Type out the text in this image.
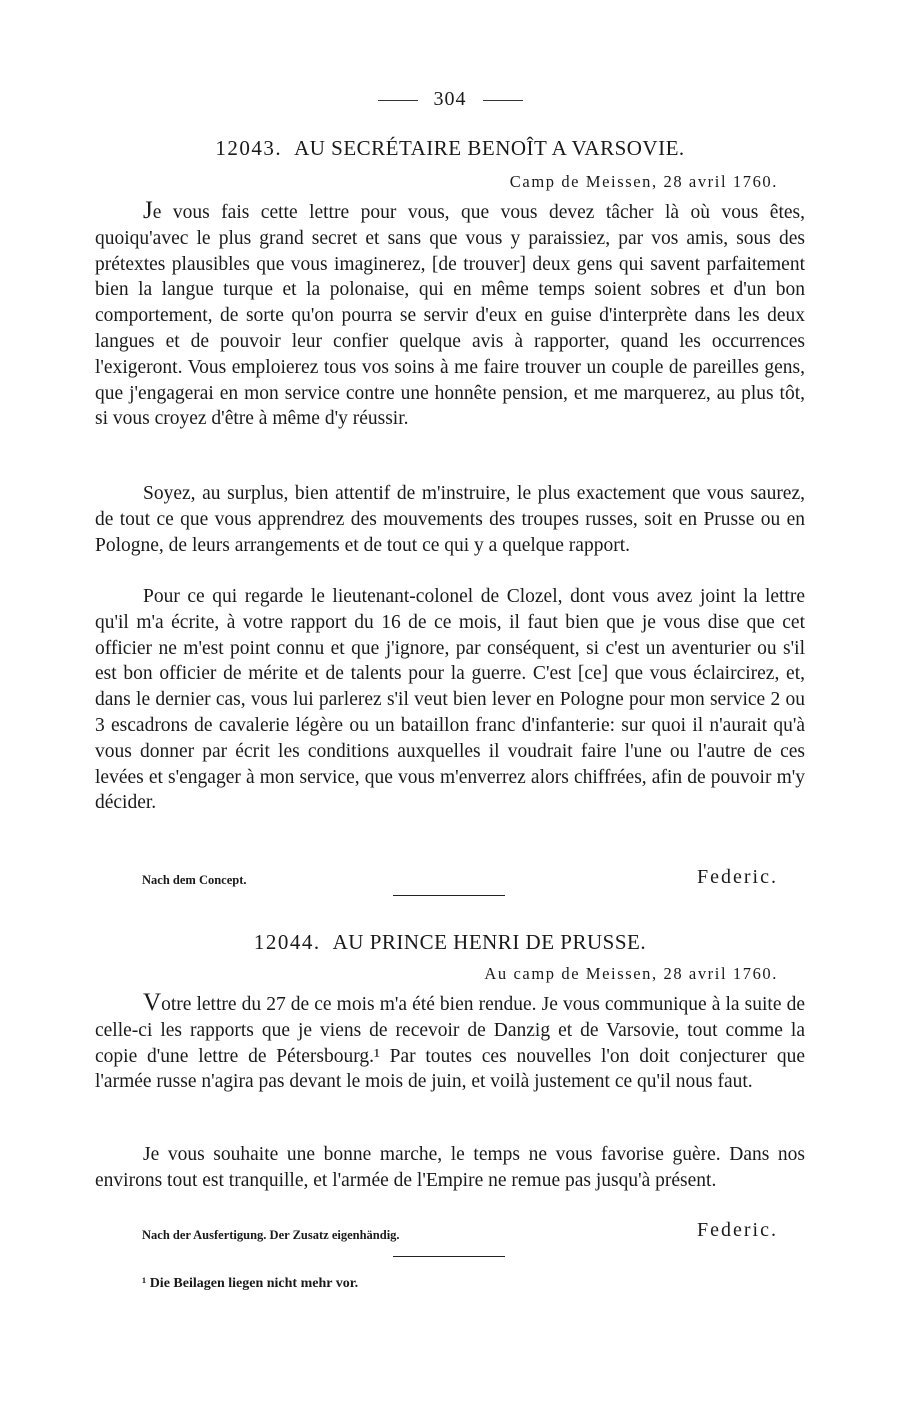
304
12043. AU SECRÉTAIRE BENOÎT A VARSOVIE.
Camp de Meissen, 28 avril 1760.

Je vous fais cette lettre pour vous, que vous devez tâcher là où vous êtes, quoiqu'avec le plus grand secret et sans que vous y paraissiez, par vos amis, sous des prétextes plausibles que vous imaginerez, [de trouver] deux gens qui savent parfaitement bien la langue turque et la polonaise, qui en même temps soient sobres et d'un bon comportement, de sorte qu'on pourra se servir d'eux en guise d'interprète dans les deux langues et de pouvoir leur confier quelque avis à rapporter, quand les occurrences l'exigeront. Vous emploierez tous vos soins à me faire trouver un couple de pareilles gens, que j'engagerai en mon service contre une honnête pension, et me marquerez, au plus tôt, si vous croyez d'être à même d'y réussir.

Soyez, au surplus, bien attentif de m'instruire, le plus exactement que vous saurez, de tout ce que vous apprendrez des mouvements des troupes russes, soit en Prusse ou en Pologne, de leurs arrangements et de tout ce qui y a quelque rapport.

Pour ce qui regarde le lieutenant-colonel de Clozel, dont vous avez joint la lettre qu'il m'a écrite, à votre rapport du 16 de ce mois, il faut bien que je vous dise que cet officier ne m'est point connu et que j'ignore, par conséquent, si c'est un aventurier ou s'il est bon officier de mérite et de talents pour la guerre. C'est [ce] que vous éclaircirez, et, dans le dernier cas, vous lui parlerez s'il veut bien lever en Pologne pour mon service 2 ou 3 escadrons de cavalerie légère ou un bataillon franc d'infanterie: sur quoi il n'aurait qu'à vous donner par écrit les conditions auxquelles il voudrait faire l'une ou l'autre de ces levées et s'engager à mon service, que vous m'enverrez alors chiffrées, afin de pouvoir m'y décider.

Nach dem Concept.	Federic.
12044. AU PRINCE HENRI DE PRUSSE.
Au camp de Meissen, 28 avril 1760.

Votre lettre du 27 de ce mois m'a été bien rendue. Je vous communique à la suite de celle-ci les rapports que je viens de recevoir de Danzig et de Varsovie, tout comme la copie d'une lettre de Pétersbourg.¹ Par toutes ces nouvelles l'on doit conjecturer que l'armée russe n'agira pas devant le mois de juin, et voilà justement ce qu'il nous faut.

Je vous souhaite une bonne marche, le temps ne vous favorise guère. Dans nos environs tout est tranquille, et l'armée de l'Empire ne remue pas jusqu'à présent.

Nach der Ausfertigung. Der Zusatz eigenhändig.	Federic.
¹ Die Beilagen liegen nicht mehr vor.
